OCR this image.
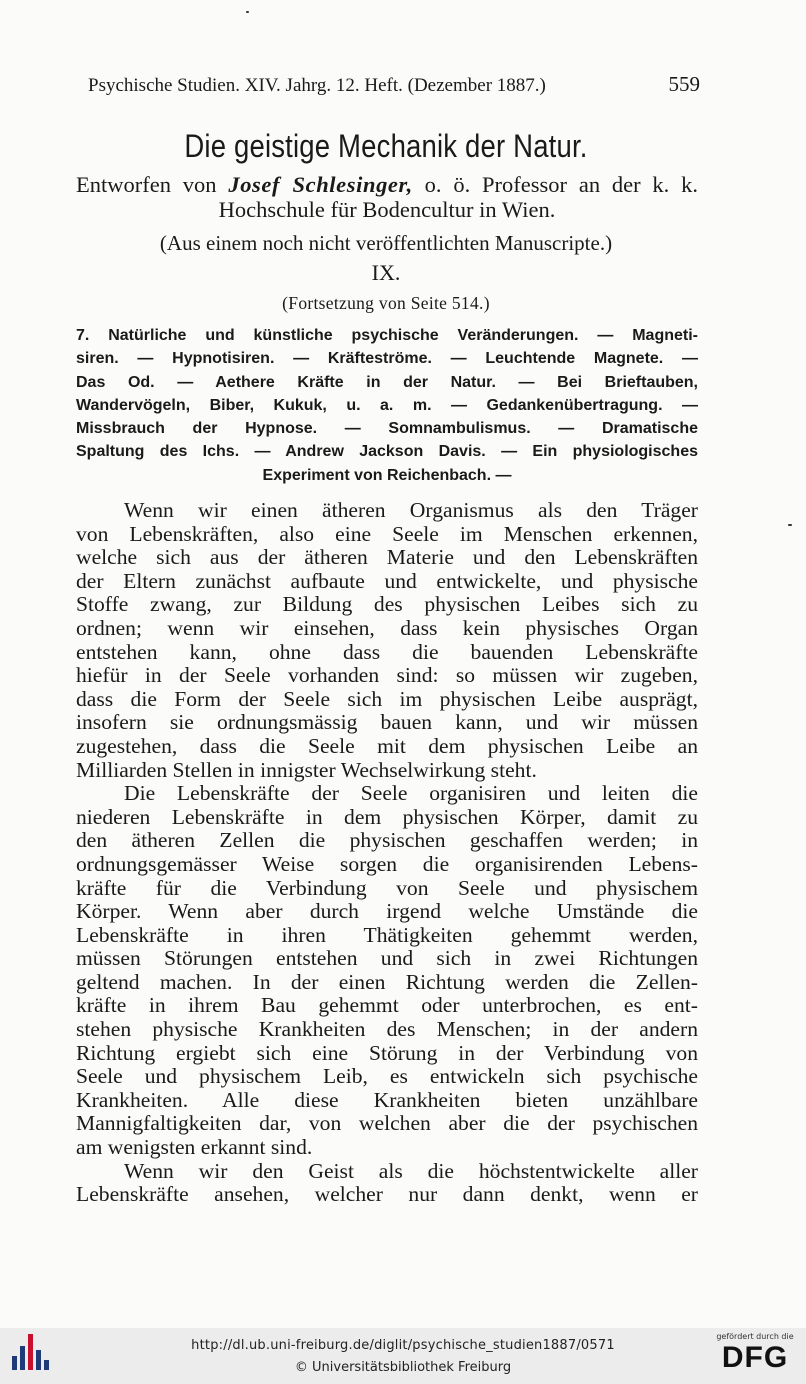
Psychische Studien. XIV. Jahrg. 12. Heft. (Dezember 1887.)	559
Die geistige Mechanik der Natur.
Entworfen von Josef Schlesinger, o. ö. Professor an der k. k. Hochschule für Bodencultur in Wien.
(Aus einem noch nicht veröffentlichten Manuscripte.)
IX.
(Fortsetzung von Seite 514.)
7. Natürliche und künstliche psychische Veränderungen. — Magneti-
siren. — Hypnotisiren. — Kräfteströme. — Leuchtende Magnete. —
Das Od. — Aethere Kräfte in der Natur. — Bei Brieftauben,
Wandervögeln, Biber, Kukuk, u. a. m. — Gedankenübertragung. —
Missbrauch der Hypnose. — Somnambulismus. — Dramatische
Spaltung des Ichs. — Andrew Jackson Davis. — Ein physiologisches
Experiment von Reichenbach. —
Wenn wir einen ätheren Organismus als den Träger
von Lebenskräften, also eine Seele im Menschen erkennen,
welche sich aus der ätheren Materie und den Lebenskräften
der Eltern zunächst aufbaute und entwickelte, und physische
Stoffe zwang, zur Bildung des physischen Leibes sich zu
ordnen; wenn wir einsehen, dass kein physisches Organ
entstehen kann, ohne dass die bauenden Lebenskräfte
hiefür in der Seele vorhanden sind: so müssen wir zugeben,
dass die Form der Seele sich im physischen Leibe ausprägt,
insofern sie ordnungsmässig bauen kann, und wir müssen
zugestehen, dass die Seele mit dem physischen Leibe an
Milliarden Stellen in innigster Wechselwirkung steht.
Die Lebenskräfte der Seele organisiren und leiten die
niederen Lebenskräfte in dem physischen Körper, damit zu
den ätheren Zellen die physischen geschaffen werden; in
ordnungsgemässer Weise sorgen die organisirenden Lebens-
kräfte für die Verbindung von Seele und physischem
Körper. Wenn aber durch irgend welche Umstände die
Lebenskräfte in ihren Thätigkeiten gehemmt werden,
müssen Störungen entstehen und sich in zwei Richtungen
geltend machen. In der einen Richtung werden die Zellen-
kräfte in ihrem Bau gehemmt oder unterbrochen, es ent-
stehen physische Krankheiten des Menschen; in der andern
Richtung ergiebt sich eine Störung in der Verbindung von
Seele und physischem Leib, es entwickeln sich psychische
Krankheiten. Alle diese Krankheiten bieten unzählbare
Mannigfaltigkeiten dar, von welchen aber die der psychischen
am wenigsten erkannt sind.
Wenn wir den Geist als die höchstentwickelte aller
Lebenskräfte ansehen, welcher nur dann denkt, wenn er
http://dl.ub.uni-freiburg.de/diglit/psychische_studien1887/0571
© Universitätsbibliothek Freiburg
gefördert durch die
DFG
